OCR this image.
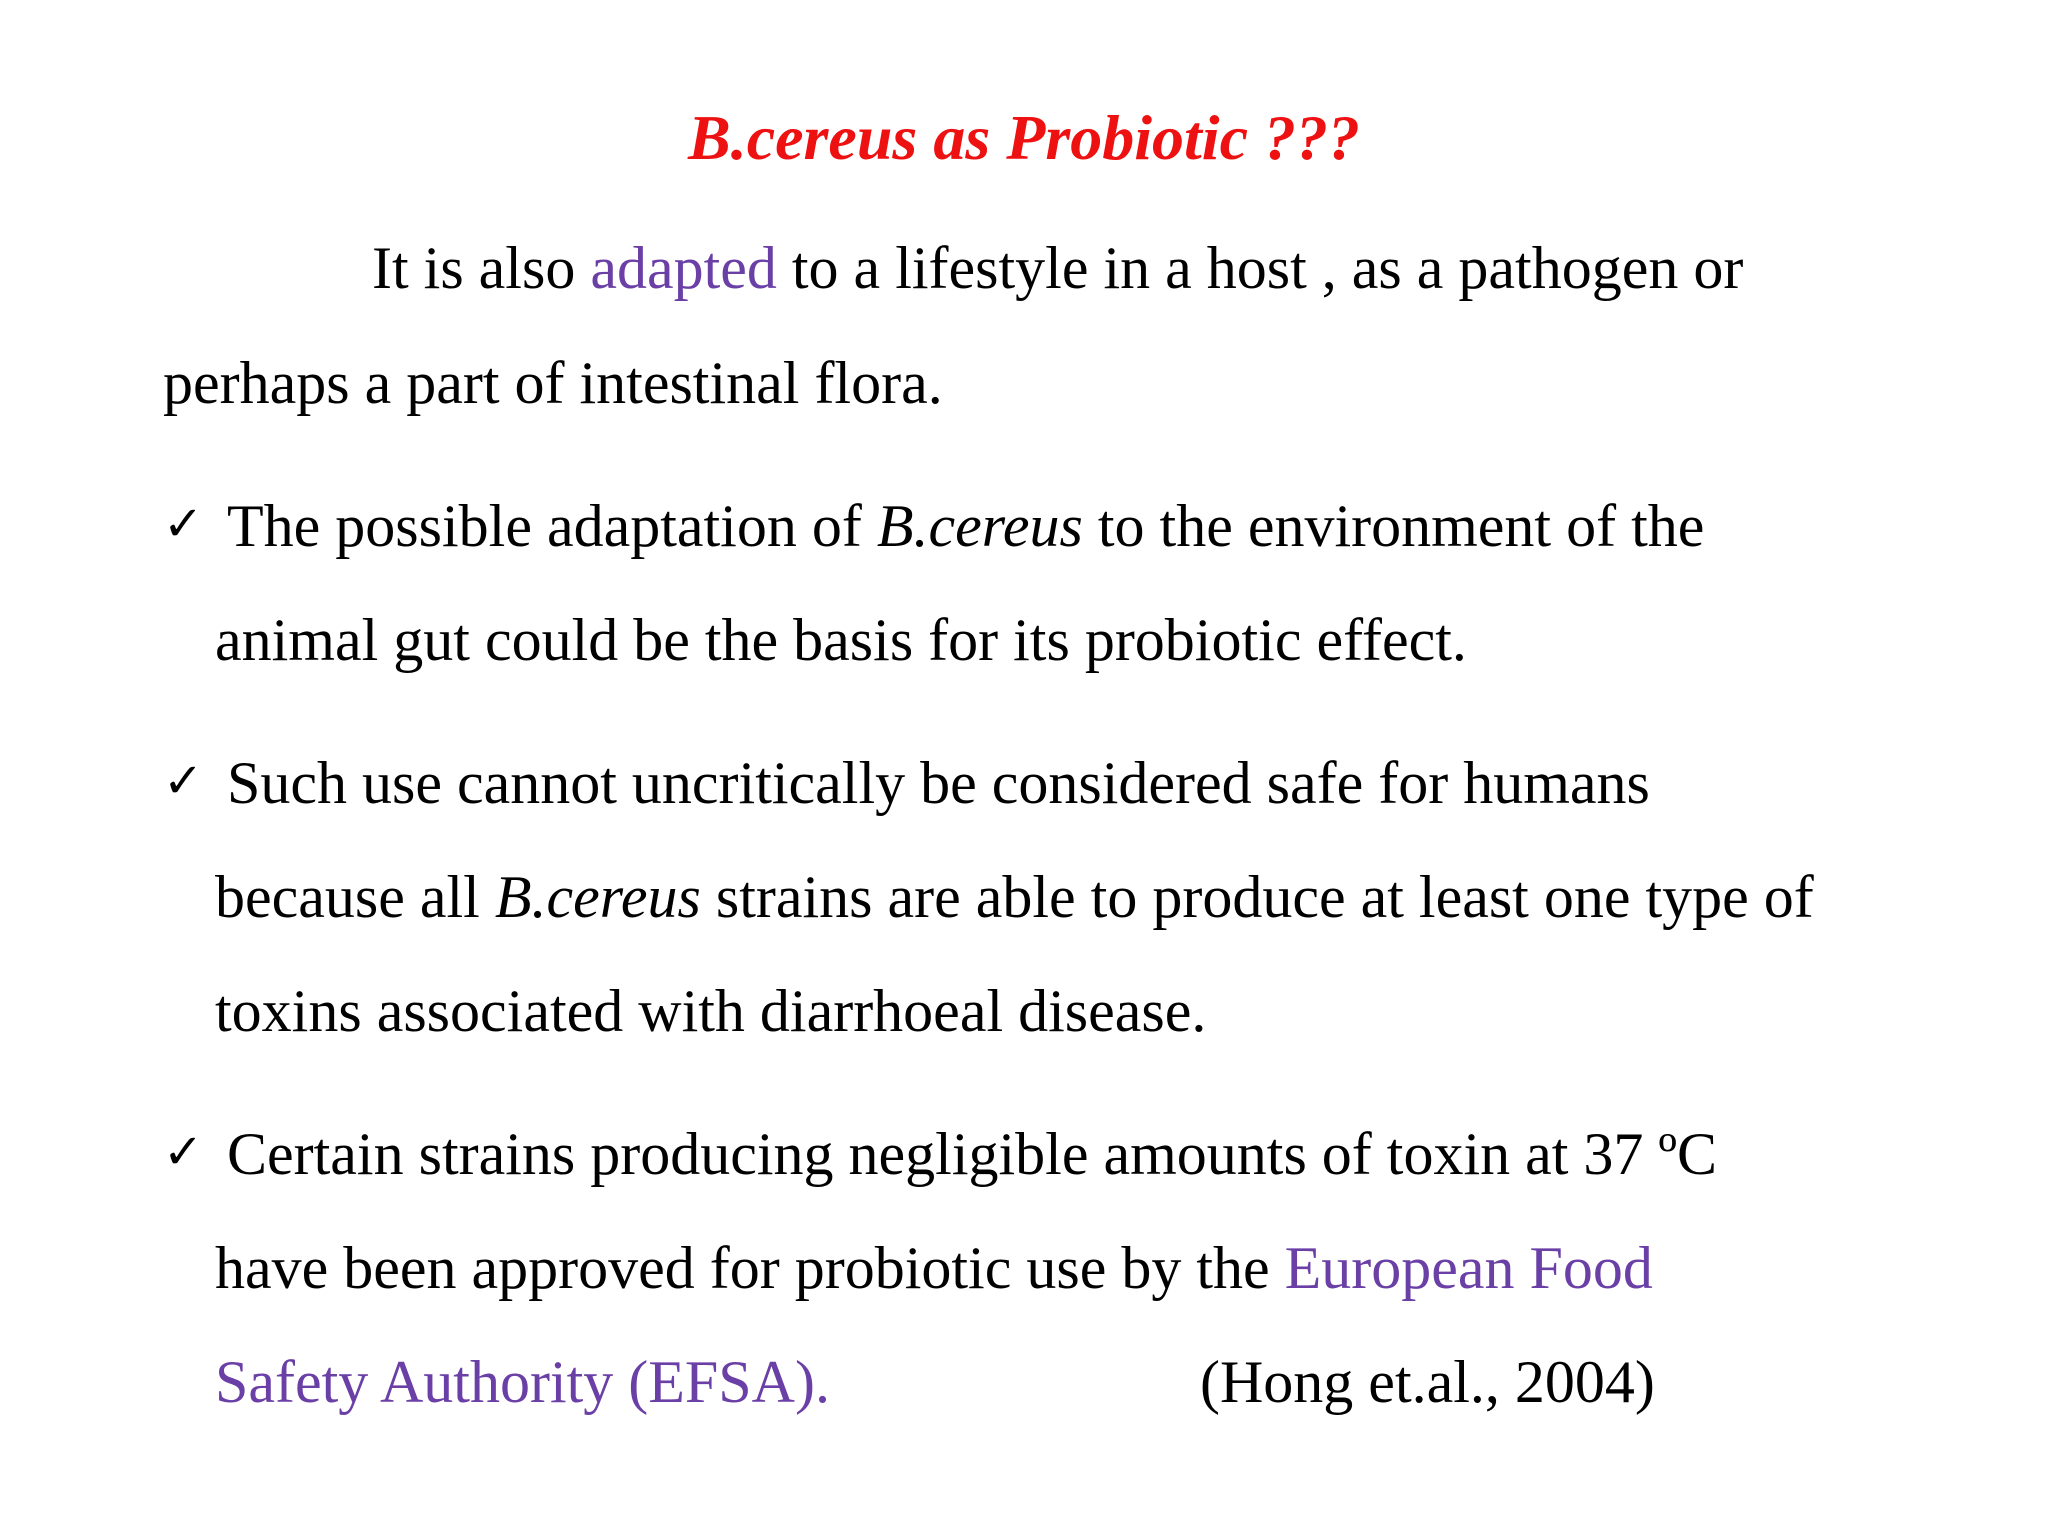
B.cereus as Probiotic ???
It is also adapted to a lifestyle in a host , as a pathogen or
perhaps a part of intestinal flora.
✓ The possible adaptation of B.cereus to the environment of the
animal gut could be the basis for its probiotic effect.
✓ Such use cannot uncritically be considered safe for humans
because all B.cereus strains are able to produce at least one type of
toxins associated with diarrhoeal disease.
✓ Certain strains producing negligible amounts of toxin at 37 ºC
have been approved for probiotic use by the European Food
Safety Authority (EFSA).	(Hong et.al., 2004)
